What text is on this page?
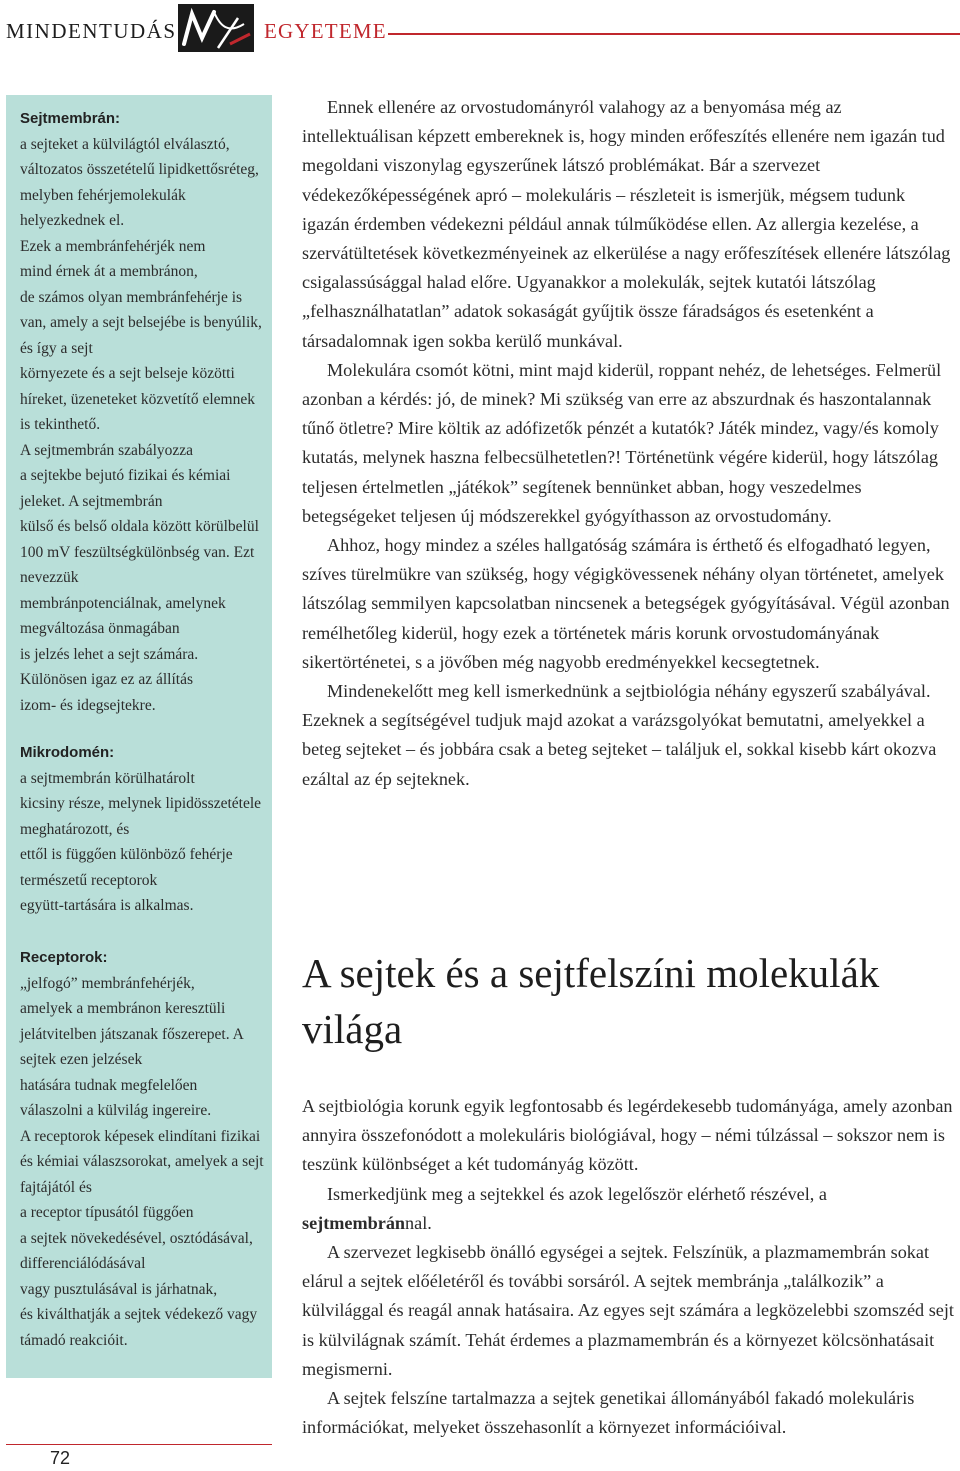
MINDENTUDÁS	EGYETEME
Sejtmembrán:
a sejteket a külvilágtól elválasztó, változatos összetételű lipidkettősréteg, melyben fehérjemolekulák helyezkednek el.
Ezek a membránfehérjék nem
mind érnek át a membránon,
de számos olyan membránfehérje is van, amely a sejt belsejébe is benyúlik, és így a sejt
környezete és a sejt belseje közötti híreket, üzeneteket közvetítő elemnek is tekinthető.
A sejtmembrán szabályozza
a sejtekbe bejutó fizikai és kémiai jeleket. A sejtmembrán
külső és belső oldala között körülbelül 100 mV feszültségkülönbség van. Ezt nevezzük
membránpotenciálnak, amelynek megváltozása önmagában
is jelzés lehet a sejt számára.
Különösen igaz ez az állítás
izom- és idegsejtekre.
Mikrodomén:
a sejtmembrán körülhatárolt
kicsiny része, melynek lipidösszetétele meghatározott, és
ettől is függően különböző fehérje természetű receptorok
együtt-tartására is alkalmas.
Receptorok:
„jelfogó” membránfehérjék,
amelyek a membránon keresztüli jelátvitelben játszanak főszerepet. A sejtek ezen jelzések
hatására tudnak megfelelően
válaszolni a külvilág ingereire.
A receptorok képesek elindítani fizikai és kémiai válaszsorokat, amelyek a sejt fajtájától és
a receptor típusától függően
a sejtek növekedésével, osztódásával, differenciálódásával
vagy pusztulásával is járhatnak,
és kiválthatják a sejtek védekező vagy támadó reakcióit.
72

Ennek ellenére az orvostudományról valahogy az a benyomása még az intellektuálisan képzett embereknek is, hogy minden erőfeszítés ellenére nem igazán tud megoldani viszonylag egyszerűnek látszó problémákat. Bár a szervezet védekezőképességének apró – molekuláris – részleteit is ismerjük, mégsem tudunk igazán érdemben védekezni például annak túlműködése ellen. Az allergia kezelése, a szervátültetések következményeinek az elkerülése a nagy erőfeszítések ellenére látszólag csigalassúsággal halad előre. Ugyanakkor a molekulák, sejtek kutatói látszólag „felhasználhatatlan” adatok sokaságát gyűjtik össze fáradságos és esetenként a társadalomnak igen sokba kerülő munkával.

Molekulára csomót kötni, mint majd kiderül, roppant nehéz, de lehetséges. Felmerül azonban a kérdés: jó, de minek? Mi szükség van erre az abszurdnak és haszontalannak tűnő ötletre? Mire költik az adófizetők pénzét a kutatók? Játék mindez, vagy/és komoly kutatás, melynek haszna felbecsülhetetlen?! Történetünk végére kiderül, hogy látszólag teljesen értelmetlen „játékok” segítenek bennünket abban, hogy veszedelmes betegségeket teljesen új módszerekkel gyógyíthasson az orvostudomány.

Ahhoz, hogy mindez a széles hallgatóság számára is érthető és elfogadható legyen, szíves türelmükre van szükség, hogy végigkövessenek néhány olyan történetet, amelyek látszólag semmilyen kapcsolatban nincsenek a betegségek gyógyításával. Végül azonban remélhetőleg kiderül, hogy ezek a történetek máris korunk orvostudományának sikertörténetei, s a jövőben még nagyobb eredményekkel kecsegtetnek.

Mindenekelőtt meg kell ismerkednünk a sejtbiológia néhány egyszerű szabályával. Ezeknek a segítségével tudjuk majd azokat a varázsgolyókat bemutatni, amelyekkel a beteg sejteket – és jobbára csak a beteg sejteket – találjuk el, sokkal kisebb kárt okozva ezáltal az ép sejteknek.

A sejtek és a sejtfelszíni molekulák
világa

A sejtbiológia korunk egyik legfontosabb és legérdekesebb tudományága, amely azonban annyira összefonódott a molekuláris biológiával, hogy – némi túlzással – sokszor nem is teszünk különbséget a két tudományág között.

Ismerkedjünk meg a sejtekkel és azok legelőször elérhető részével, a sejtmembránnal.

A szervezet legkisebb önálló egységei a sejtek. Felszínük, a plazmamembrán sokat elárul a sejtek előéletéről és további sorsáról. A sejtek membránja „találkozik” a külvilággal és reagál annak hatásaira. Az egyes sejt számára a legközelebbi szomszéd sejt is külvilágnak számít. Tehát érdemes a plazmamembrán és a környezet kölcsönhatásait megismerni.

A sejtek felszíne tartalmazza a sejtek genetikai állományából fakadó molekuláris információkat, melyeket összehasonlít a környezet információival.
